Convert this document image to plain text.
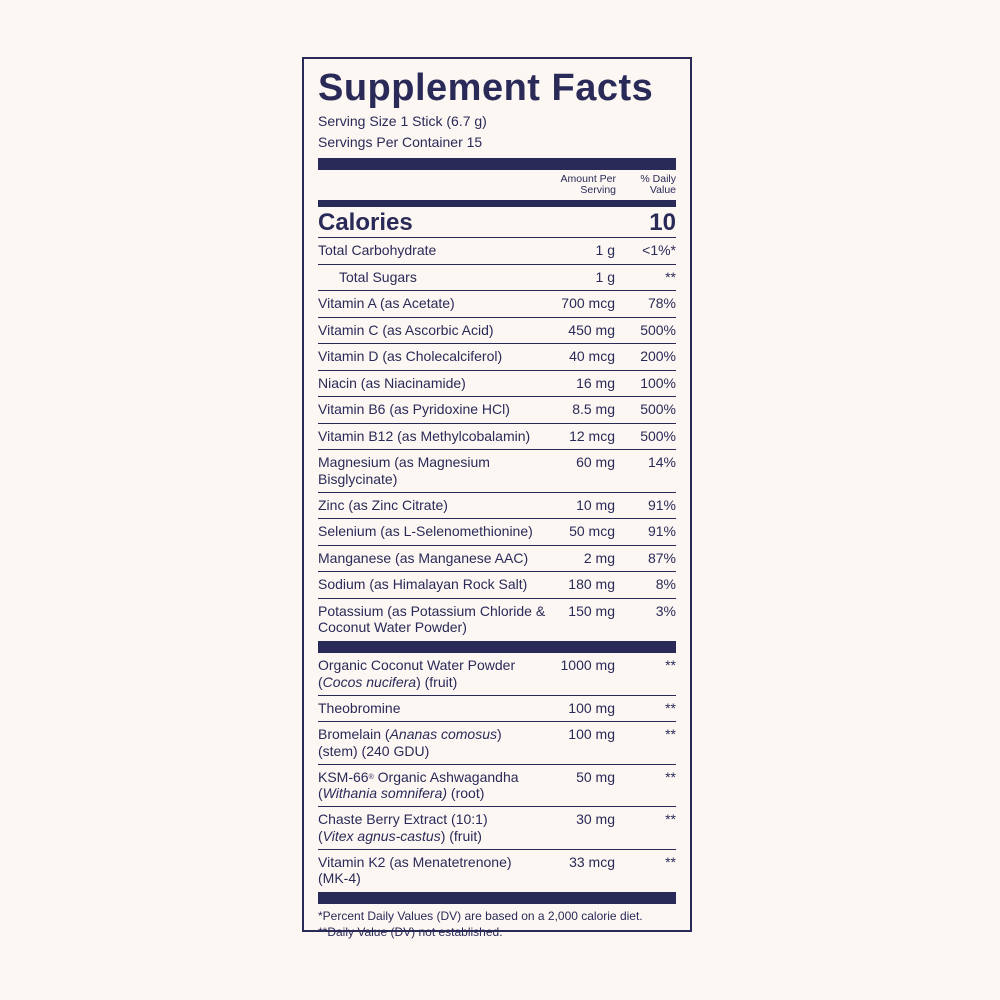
Supplement Facts
Serving Size 1 Stick (6.7 g)
Servings Per Container 15
Amount Per
Serving
% Daily
Value
Calories	10
Total Carbohydrate	1 g <1%*
Total Sugars	1 g	**
Vitamin A (as Acetate)	700 mcg 78%
Vitamin C (as Ascorbic Acid)	450 mg 500%
Vitamin D (as Cholecalciferol)	40 mcg 200%
Niacin (as Niacinamide)	16 mg 100%
Vitamin B6 (as Pyridoxine HCl)	8.5 mg 500%
Vitamin B12 (as Methylcobalamin)	12 mcg 500%
Magnesium (as Magnesium Bisglycinate)
60 mg 14%
Zinc (as Zinc Citrate)	10 mg 91%
Selenium (as L-Selenomethionine)	50 mcg 91%
Manganese (as Manganese AAC)	2 mg 87%
Sodium (as Himalayan Rock Salt)	180 mg	8%
Potassium (as Potassium Chloride & Coconut Water Powder)
150 mg	3%
Organic Coconut Water Powder (Cocos nucifera) (fruit)
1000 mg	**
Theobromine	100 mg	**
Bromelain (Ananas comosus) (stem) (240 GDU)
100 mg	**
KSM-66® Organic Ashwagandha (Withania somnifera) (root)
50 mg	**
Chaste Berry Extract (10:1) (Vitex agnus-castus) (fruit)
30 mg	**
Vitamin K2 (as Menatetrenone) (MK-4)
33 mcg	**
*Percent Daily Values (DV) are based on a 2,000 calorie diet.
**Daily Value (DV) not established.
